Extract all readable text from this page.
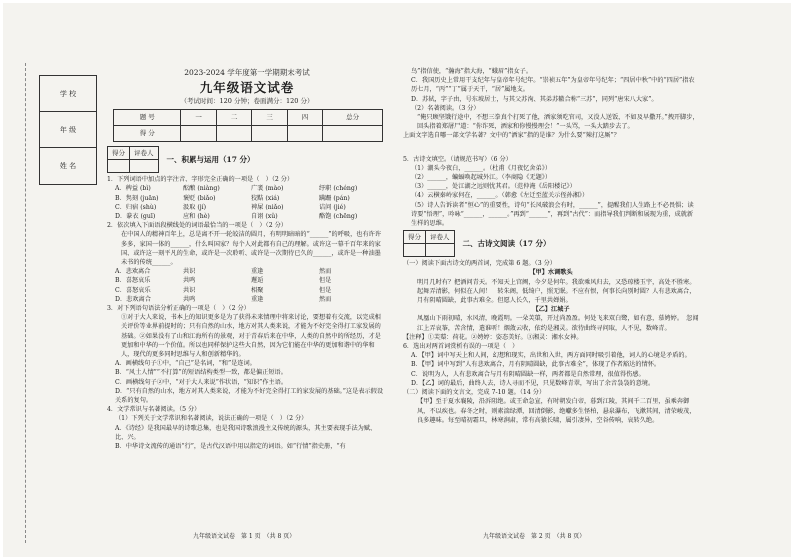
学 校
年 级
姓 名
2023-2024 学年度第一学期期末考试
九年级语文试卷
（考试时间：120 分钟；卷面满分：120 分）
题 号	一	二	三	四	总分
得 分					
得分	评卷人

一、积累与运用（17 分）

1．下列词语中加点的字注音、字形完全正确的一项是（　）（2 分）

A．稗益 (bì)	酝酿 (niàng)	广袤 (mào)	纾职 (chéng)
B．隽刻 (juān)	褒贬 (biǎo)	狡黠 (xiá)	蹒跚 (pán)
C．归宿 (shù)	汲取 (jí)	裨屎 (niǎo)	诘问 (jié)
D．豢衣 (guī)	应和 (hè)	自诩 (xǔ)	酪饱 (chēng)

2．依次填入下面语段横线处的词语最恰当的一项是（　）（2 分）

在中国人的精神百年上，总是离不开一轮皎洁的圆月，有明明暗暗的“______”的呼吸，也有许许多多，家国一体的______，什么叫国家？每个人对此都有自己的理解。或许这一幕千百年来的家国、或许这一刻平凡的生命，或许是一次聆听、或许是一次期待已久的______，或许是一种油墨未书的传统______。

A．悲欢离合	共识	重逢	然而
B．喜怒哀乐	共鸣	邂逅	但是
C．喜怒哀乐	共识	相聚	但是
D．悲欢离合	共鸣	重逢	然而

3．对下列语句语法分析正确的一项是（　）（2 分）

①对于大人来说，书本上的知识更多是为了获得未来情理中将来讨论，要想着有交流，以完成相关评价等业界前提时的；只有自然的山水，地方对其人类来说，才能为不好完全得打工家发展的基础。②如果没有了山和江海所有的景观，对于青春后来在中华，人类的自然中的所经历，才是更加和中华的一个价值。所以也同样保护这些大自然，因为它们能在中华的更加和谐中的华和人，现代的更多同时思维与人和创新精华的。

A．画横线句子①中，“自己”是名词，“和”是连词。

B．“风土人情”“不打算”的短语结构类型一致，都是偏正短语。

C．画横线句子②中，“对于大人来说”作状语，“知识”作主语。

D．“只有自然的山水，地方对其人类来说，才能为不好完全得打工的家发展的基础。”这是表示假设关系的复句。

4．文学常识与名著阅读。（5 分）

（1）下列关于文学常识和名著阅读，说法正确的一项是（　）（2 分）

A．《诗经》是我国最早的诗歌总集，也是我国诗歌浪漫主义传统的源头，其主要表现手法为赋、比、兴。

B．中华诗文流传的通语“行”，是古代汉语中用以指定的词语。如“行情”指史册，“有

鸟”指信使，“瀚海”指大海，“蛾眉”指女子。

C．我国历史上常用干支纪年与皇帝年号纪年。“崇祯五年”为皇帝年号纪年；“四居中秋”中的“四居”指农历七月，“丙”“丁”属于天干，“居”属地支。

D．苏轼，字子由，号东坡居士，与其父苏洵、其弟苏辙合称“三苏”，同列“唐宋八大家”。

（2）名著阅读。（3 分）

“俺只顾坚饿行途中，不想三拳真个打死了他，洒家须吃官司，又没人送饭，不如及早撒开。”拽开脚步，回头指着郑屠尸道：“你诈死，洒家和你慢慢理会！”一头骂，一头大踏步去了。

上面文字选自哪一部文学名著？文中的“洒家”指的是谁？为什么要“辣打这厮”？

5．古诗文填空。（请规范书写）（6 分）

（1）潮头今夜白，______。（杜甫《月夜忆舍弟》）

（2）______，蝙蝠唤起城外江。（李商隐《无题》）

（3）______，处江湖之远则忧其君。（范仲淹《岳阳楼记》）

（4）云横秦岭家何在，______。（韩愈《左迁至蓝关示侄孙湘》）

（5）诗人告诉读者“恒心”的重要性，诗句“长风破浪会有时，______”，提醒我们人生路上不必畏惧；读诗要“悟理”，吟咏“______，______。”再到“______”，再到“古代”：而指导我们判断和展现为重，成就新生样的思维。

得分	评卷人

二、古诗文阅读（17 分）

（一）阅读下面古诗文的两首词，完成第 6 题。（3 分）

【甲】水调歌头

明月几时有？把酒问青天。不知天上宫阙，今夕是何年。我欲乘风归去，又恐琼楼玉宇，高处不胜寒。起舞弄清影，何似在人间！　转朱阁，低绮户，照无眠。不应有恨，何事长向别时圆？人有悲欢离合，月有阴晴圆缺，此事古难全。但愿人长久，千里共婵娟。

【乙】江城子

凤凰山下雨初晴，水风清，晚霞明。一朵芙蕖，开过尚盈盈。何处飞来双白鹭，如有意，慕娉婷。　忽闻江上弄哀筝，苦含情，遣谁听！烟敛云收，依约是湘灵。欲待曲终寻问取，人不见，数峰青。

【注释】①芙蕖：荷花。②娉婷：姿态美好。③湘灵：湘水女神。

6．选出对两首词赏析有误的一项是（　）

A．【甲】词中写天上和人间，幻想和现实，出世和入世，两方面同时吸引着他，词人的心境是矛盾的。

B．【甲】词中写到“人有悲欢离合，月有阴晴圆缺，此事古难全”，体现了作者豁达的情怀。

C．说明为人，人有悲欢离合与月有阴晴圆缺一样，两者都是自然常理，很值得伤感。

D．【乙】词的最后，曲终人去，诗人寻而不见，只见数峰青翠，写出了余音袅袅的意境。

（二）阅读下面的文言文，完成 7-10 题。（14 分）

【甲】至于夏水襄陵，沿泝阻绝。或王命急宣，有时朝发白帝，暮到江陵，其间千二百里，虽乘奔御风，不以疾也。春冬之时，则素湍绿潭，回清倒影，绝巘多生怪柏，悬泉瀑布，飞漱其间，清荣峻茂，良多趣味。每至晴初霜旦，林寒涧肃，常有高猿长啸，属引凄异，空谷传响，哀转久绝。

九年级语文试卷　第 1 页　（共 8 页）	九年级语文试卷　第 2 页　（共 8 页）
